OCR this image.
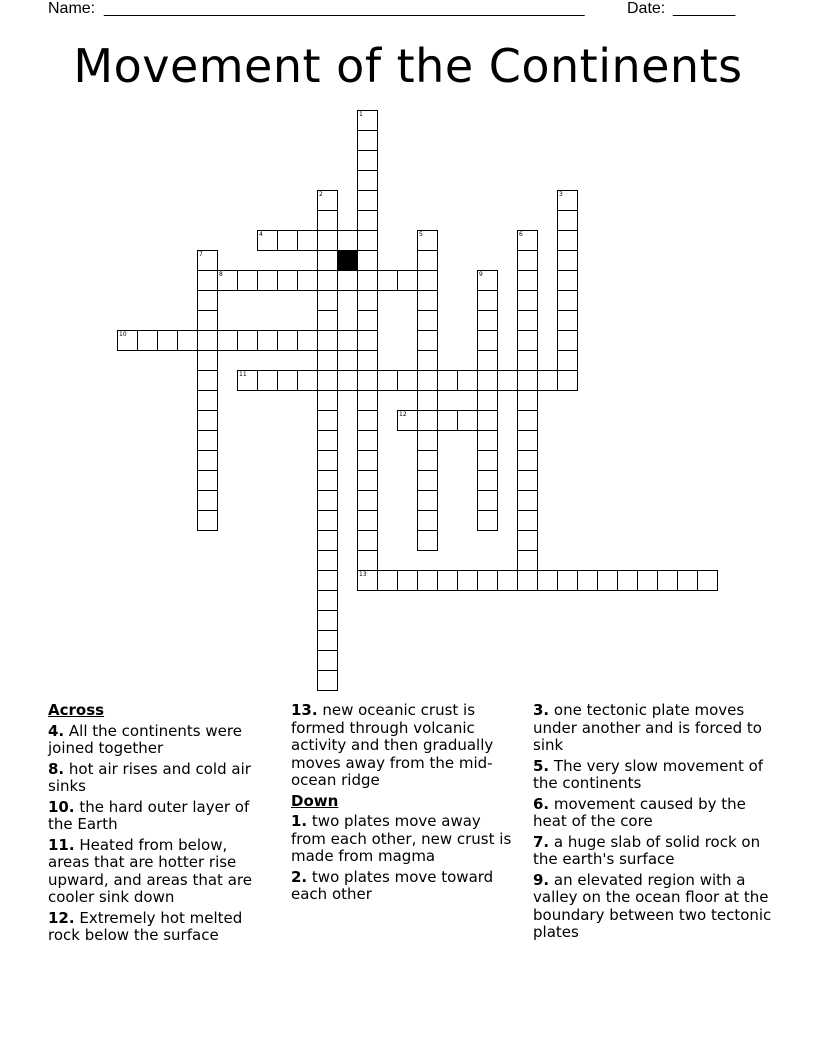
Name: ______________________________________________________	Date: _______
Movement of the Continents
1
2	3
4	5	6
7
8	9
10
11
12
13
Across
4. All the continents were joined together
8. hot air rises and cold air sinks
10. the hard outer layer of the Earth
11. Heated from below, areas that are hotter rise upward, and areas that are cooler sink down
12. Extremely hot melted rock below the surface
13. new oceanic crust is formed through volcanic activity and then gradually moves away from the mid-ocean ridge
Down
1. two plates move away from each other, new crust is made from magma
2. two plates move toward each other
3. one tectonic plate moves under another and is forced to sink
5. The very slow movement of the continents
6. movement caused by the heat of the core
7. a huge slab of solid rock on the earth's surface
9. an elevated region with a valley on the ocean floor at the boundary between two tectonic plates
